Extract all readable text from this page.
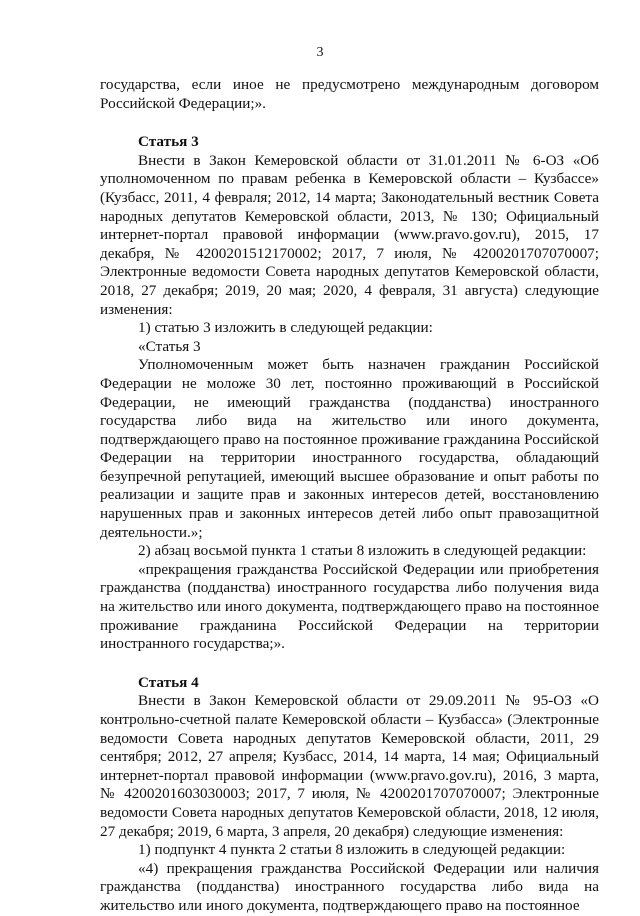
3

государства, если иное не предусмотрено международным договором Российской Федерации;».

Статья 3

Внести в Закон Кемеровской области от 31.01.2011 № 6-ОЗ «Об уполномоченном по правам ребенка в Кемеровской области – Кузбассе» (Кузбасс, 2011, 4 февраля; 2012, 14 марта; Законодательный вестник Совета народных депутатов Кемеровской области, 2013, № 130; Официальный интернет-портал правовой информации (www.pravo.gov.ru), 2015, 17 декабря, № 4200201512170002; 2017, 7 июля, № 4200201707070007; Электронные ведомости Совета народных депутатов Кемеровской области, 2018, 27 декабря; 2019, 20 мая; 2020, 4 февраля, 31 августа) следующие изменения:

1) статью 3 изложить в следующей редакции:

«Статья 3

Уполномоченным может быть назначен гражданин Российской Федерации не моложе 30 лет, постоянно проживающий в Российской Федерации, не имеющий гражданства (подданства) иностранного государства либо вида на жительство или иного документа, подтверждающего право на постоянное проживание гражданина Российской Федерации на территории иностранного государства, обладающий безупречной репутацией, имеющий высшее образование и опыт работы по реализации и защите прав и законных интересов детей, восстановлению нарушенных прав и законных интересов детей либо опыт правозащитной деятельности.»;

2) абзац восьмой пункта 1 статьи 8 изложить в следующей редакции:

«прекращения гражданства Российской Федерации или приобретения гражданства (подданства) иностранного государства либо получения вида на жительство или иного документа, подтверждающего право на постоянное проживание гражданина Российской Федерации на территории иностранного государства;».

Статья 4

Внести в Закон Кемеровской области от 29.09.2011 № 95-ОЗ «О контрольно-счетной палате Кемеровской области – Кузбасса» (Электронные ведомости Совета народных депутатов Кемеровской области, 2011, 29 сентября; 2012, 27 апреля; Кузбасс, 2014, 14 марта, 14 мая; Официальный интернет-портал правовой информации (www.pravo.gov.ru), 2016, 3 марта, № 4200201603030003; 2017, 7 июля, № 4200201707070007; Электронные ведомости Совета народных депутатов Кемеровской области, 2018, 12 июля, 27 декабря; 2019, 6 марта, 3 апреля, 20 декабря) следующие изменения:

1) подпункт 4 пункта 2 статьи 8 изложить в следующей редакции:

«4) прекращения гражданства Российской Федерации или наличия гражданства (подданства) иностранного государства либо вида на жительство или иного документа, подтверждающего право на постоянное
